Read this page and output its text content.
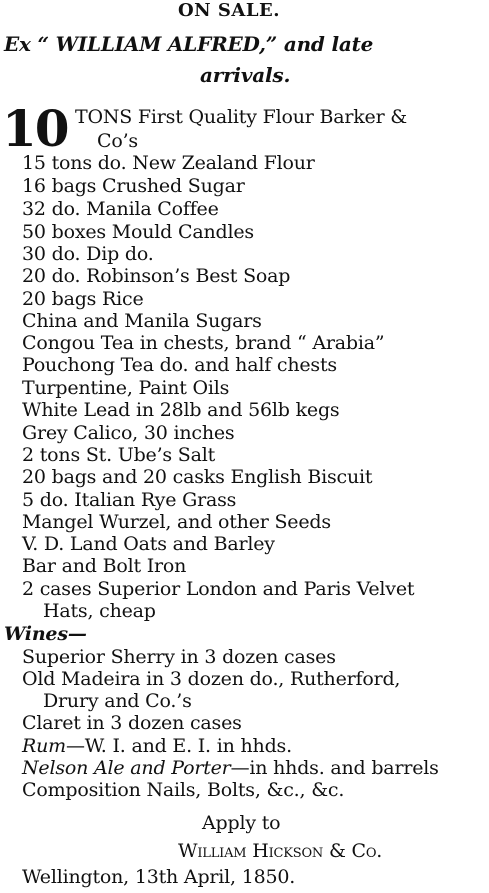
ON SALE.
Ex “ WILLIAM ALFRED,” and late
arrivals.
10 TONS First Quality Flour Barker &
Co’s
15 tons do. New Zealand Flour
16 bags Crushed Sugar
32 do. Manila Coffee
50 boxes Mould Candles
30 do. Dip do.
20 do. Robinson’s Best Soap
20 bags Rice
China and Manila Sugars
Congou Tea in chests, brand “ Arabia”
Pouchong Tea do. and half chests
Turpentine, Paint Oils
White Lead in 28lb and 56lb kegs
Grey Calico, 30 inches
2 tons St. Ube’s Salt
20 bags and 20 casks English Biscuit
5 do. Italian Rye Grass
Mangel Wurzel, and other Seeds
V. D. Land Oats and Barley
Bar and Bolt Iron
2 cases Superior London and Paris Velvet
Hats, cheap
Wines—
Superior Sherry in 3 dozen cases
Old Madeira in 3 dozen do., Rutherford,
Drury and Co.’s
Claret in 3 dozen cases
Rum—W. I. and E. I. in hhds.
Nelson Ale and Porter—in hhds. and barrels
Composition Nails, Bolts, &c., &c.
Apply to
William Hickson & Co.
Wellington, 13th April, 1850.
